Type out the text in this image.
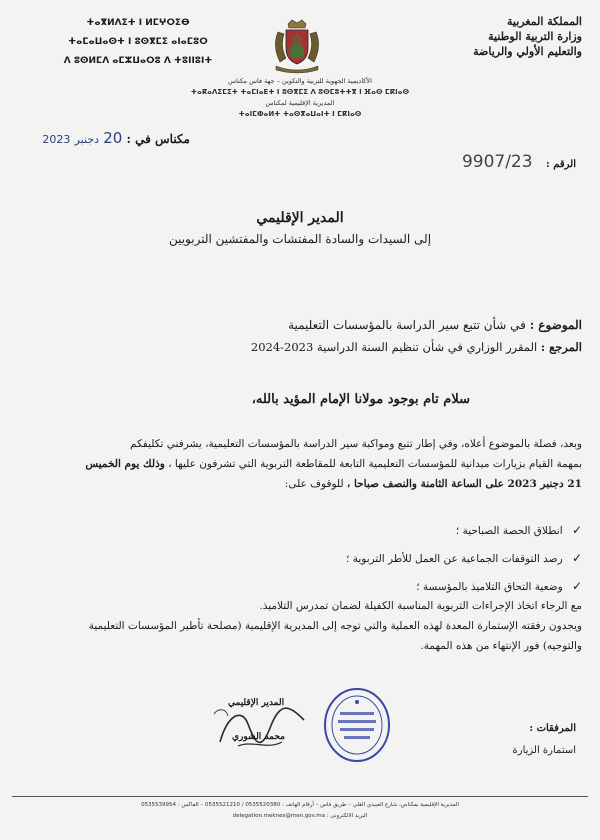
ⵜⴰⴳⵍⴷⵉⵜ ⵏ ⵍⵎⵖⵔⵉⴱ
ⵜⴰⵎⴰⵡⴰⵙⵜ ⵏ ⵓⵙⴳⵎⵉ ⴰⵏⴰⵎⵓⵔ
ⴷ ⵓⵙⵍⵎⴷ ⴰⵎⵣⵡⴰⵔⵓ ⴷ ⵜⵓⵏⵏⵓⵏⵜ
المملكة المغربية
وزارة التربية الوطنية
والتعليم الأولي والرياضة
الأكاديمية الجهوية للتربية والتكوين – جهة فاس مكناس
ⵜⴰⴽⴰⴷⵉⵎⵉⵜ ⵜⴰⵎⵏⴰⴹⵜ ⵏ ⵓⵙⴳⵎⵉ ⴷ ⵓⵙⵎⵓⵜⵜⴳ ⵏ ⴼⴰⵙ ⵎⴽⵏⴰⵙ
المديرية الإقليمية لمكناس
ⵜⴰⵏⵎⵀⴰⵍⵜ ⵜⴰⵙⴳⴰⵡⴰⵏⵜ ⵏ ⵎⴽⵏⴰⵙ
مكناس في : 20 دجنبر 2023
الرقم : 9907/23
المدير الإقليمي
إلى السيدات والسادة المفتشات والمفتشين التربويين
الموضوع : في شأن تتبع سير الدراسة بالمؤسسات التعليمية
المرجع : المقرر الوزاري في شأن تنظيم السنة الدراسية 2023-2024
سلام تام بوجود مولانا الإمام المؤيد بالله،
وبعد، فصلة بالموضوع أعلاه، وفي إطار تتبع ومواكبة سير الدراسة بالمؤسسات التعليمية، يشرفني تكليفكم
بمهمة القيام بزيارات ميدانية للمؤسسات التعليمية التابعة للمقاطعة التربوية التي تشرفون عليها ، وذلك يوم الخميس
21 دجنبر 2023 على الساعة الثامنة والنصف صباحا ، للوقوف على:
✓ انطلاق الحصة الصباحية ؛
✓ رصد التوقفات الجماعية عن العمل للأطر التربوية ؛
✓ وضعية التحاق التلاميذ بالمؤسسة ؛
مع الرجاء اتخاذ الإجراءات التربوية المناسبة الكفيلة لضمان تمدرس التلاميذ.
ويجدون رفقته الإستمارة المعدة لهذه العملية والتي توجه إلى المديرية الإقليمية (مصلحة تأطير المؤسسات التعليمية
والتوجيه) فور الإنتهاء من هذه المهمة.
المدير الإقليمي
محمد الشوري
المرفقات :
استمارة الزيارة
المديرية الإقليمية بمكناس، شارع العبيدي القلي – طريق فاس – أرقام الهاتف : 0535520380 / 0535521210 – الفاكس : 0535539954
البريد الالكتروني : delegation.meknes@men.gov.ma
